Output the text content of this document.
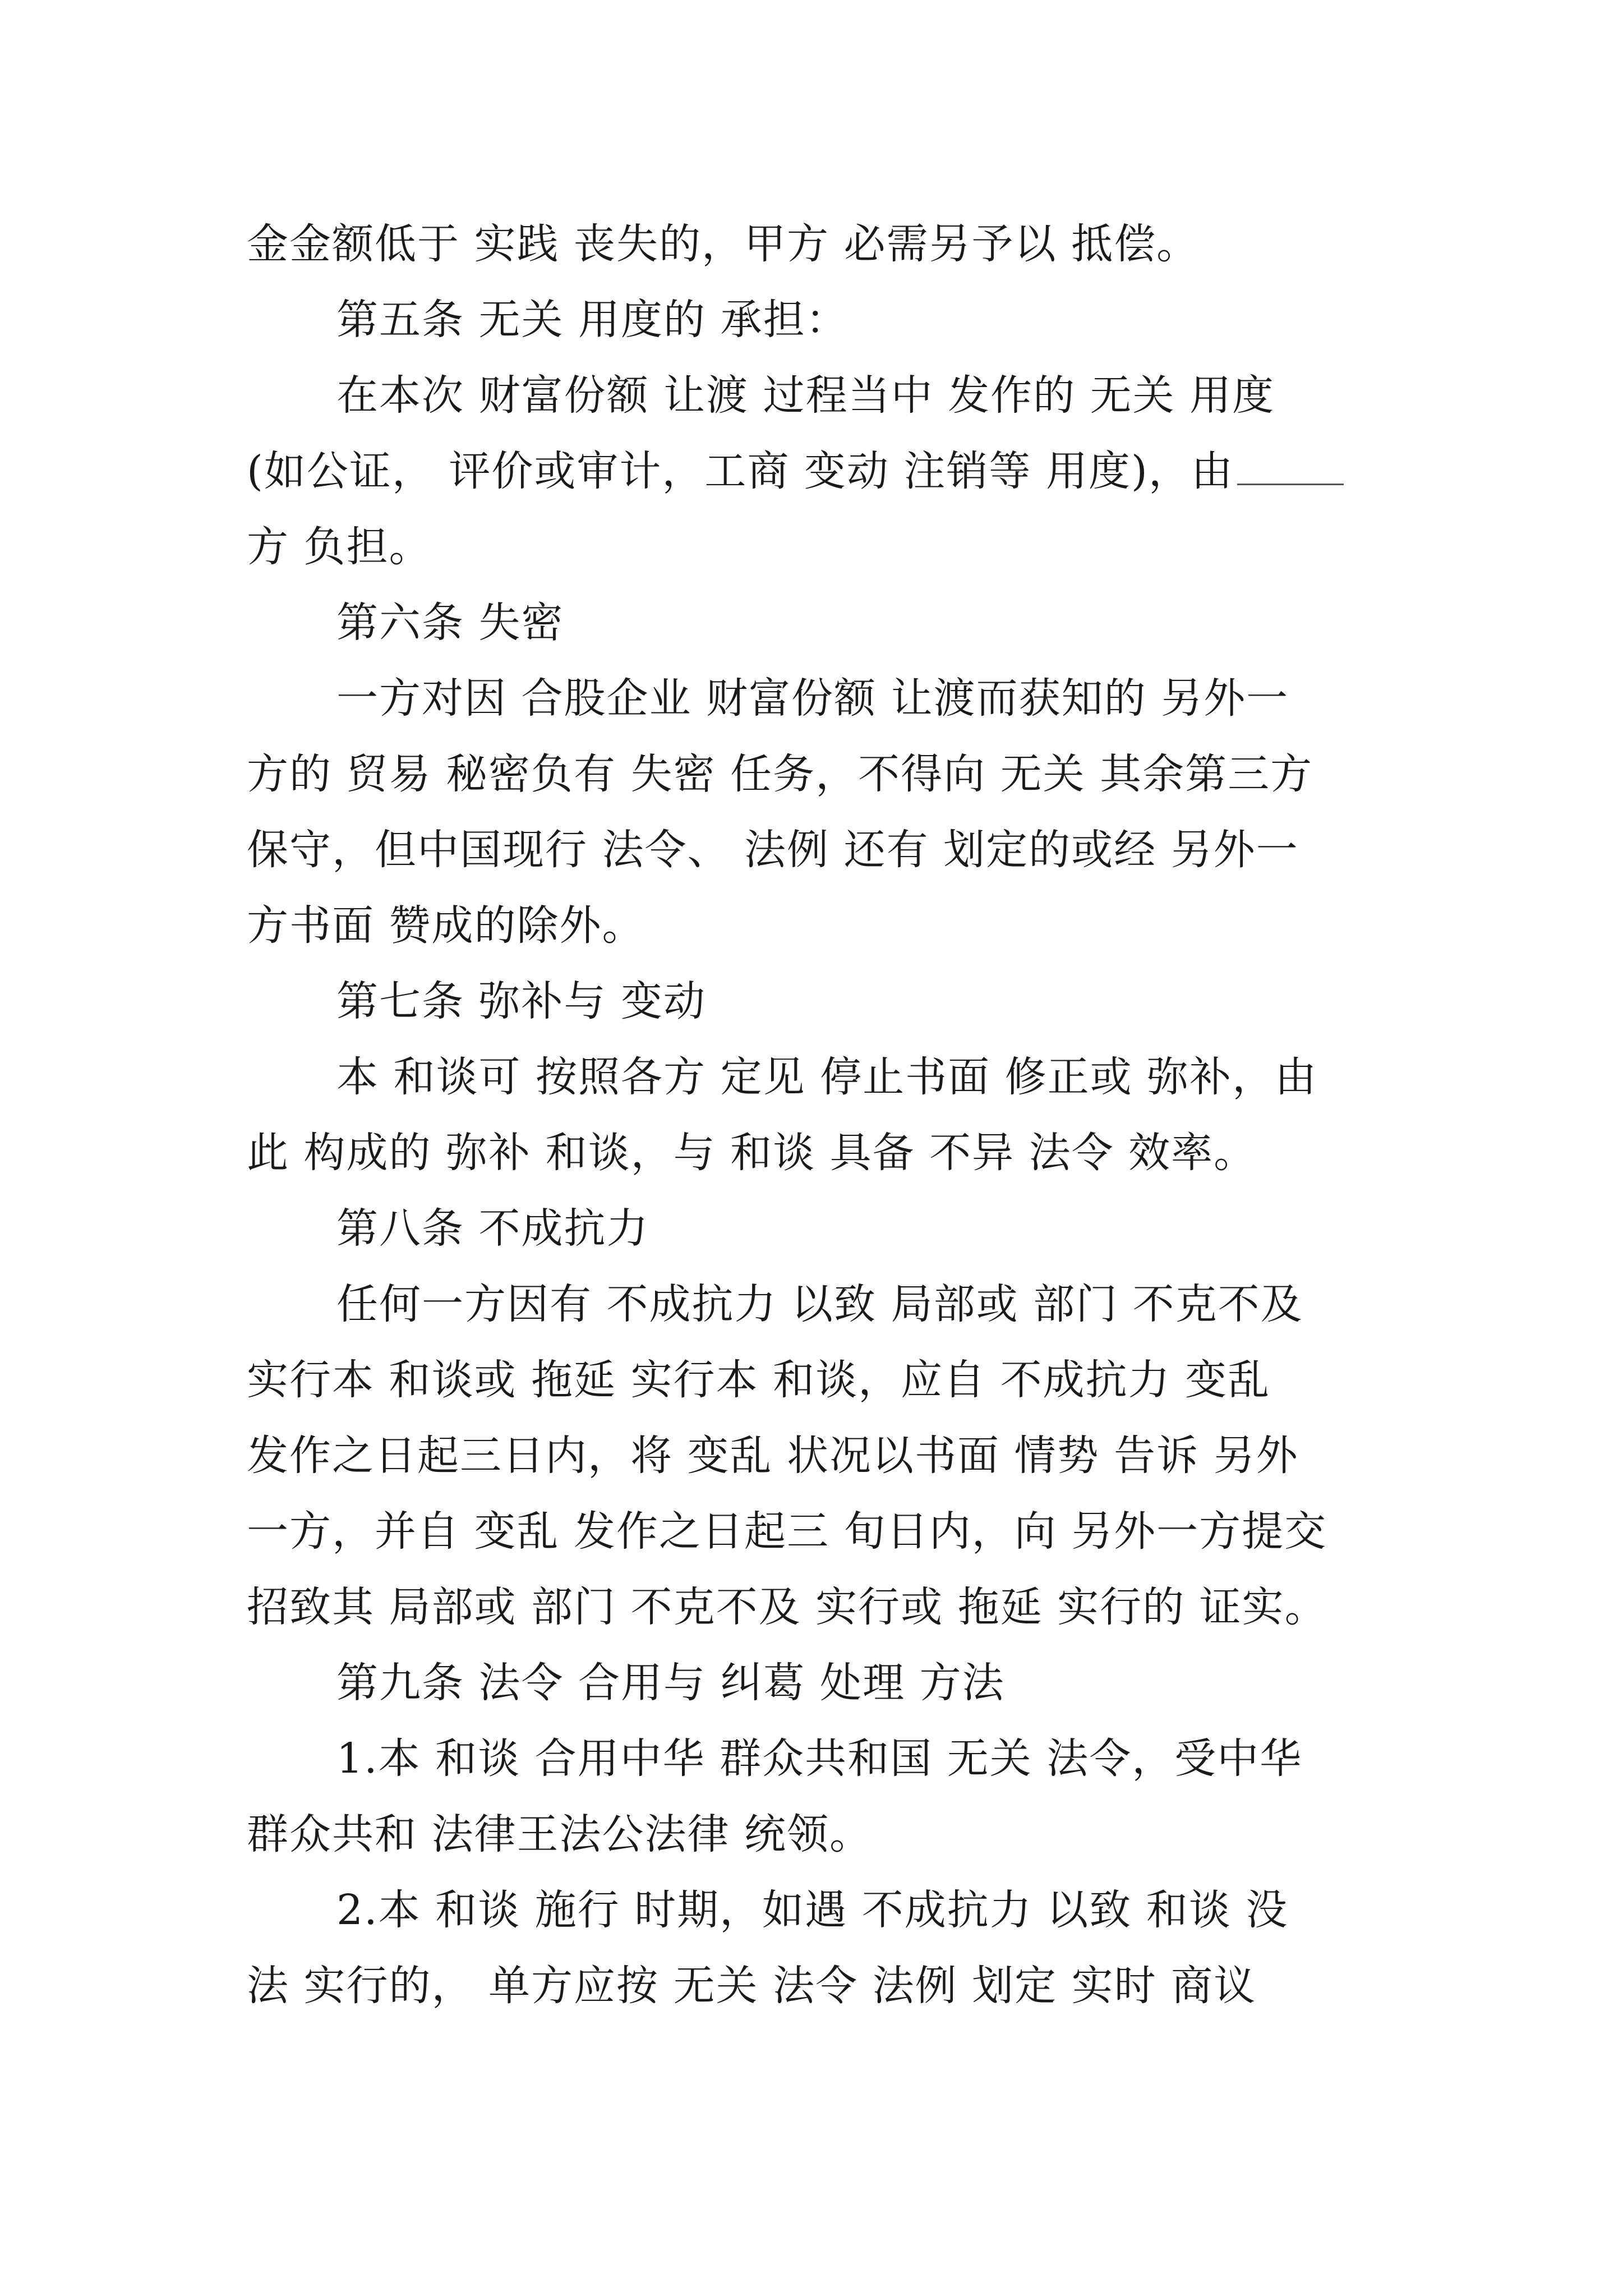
金金额低于 实践 丧失的，甲方 必需另予以 抵偿。
第五条 无关 用度的 承担：
在本次 财富份额 让渡 过程当中 发作的 无关 用度
(如公证， 评价或审计，工商 变动 注销等 用度)，由
方 负担。
第六条 失密
一方对因 合股企业 财富份额 让渡而获知的 另外一
方的 贸易 秘密负有 失密 任务，不得向 无关 其余第三方
保守，但中国现行 法令、 法例 还有 划定的或经 另外一
方书面 赞成的除外。
第七条 弥补与 变动
本 和谈可 按照各方 定见 停止书面 修正或 弥补，由
此 构成的 弥补 和谈，与 和谈 具备 不异 法令 效率。
第八条 不成抗力
任何一方因有 不成抗力 以致 局部或 部门 不克不及
实行本 和谈或 拖延 实行本 和谈，应自 不成抗力 变乱
发作之日起三日内，将 变乱 状况以书面 情势 告诉 另外
一方，并自 变乱 发作之日起三 旬日内，向 另外一方提交
招致其 局部或 部门 不克不及 实行或 拖延 实行的 证实。
第九条 法令 合用与 纠葛 处理 方法
1.本 和谈 合用中华 群众共和国 无关 法令，受中华
群众共和 法律王法公法律 统领。
2.本 和谈 施行 时期，如遇 不成抗力 以致 和谈 没
法 实行的， 单方应按 无关 法令 法例 划定 实时 商议
